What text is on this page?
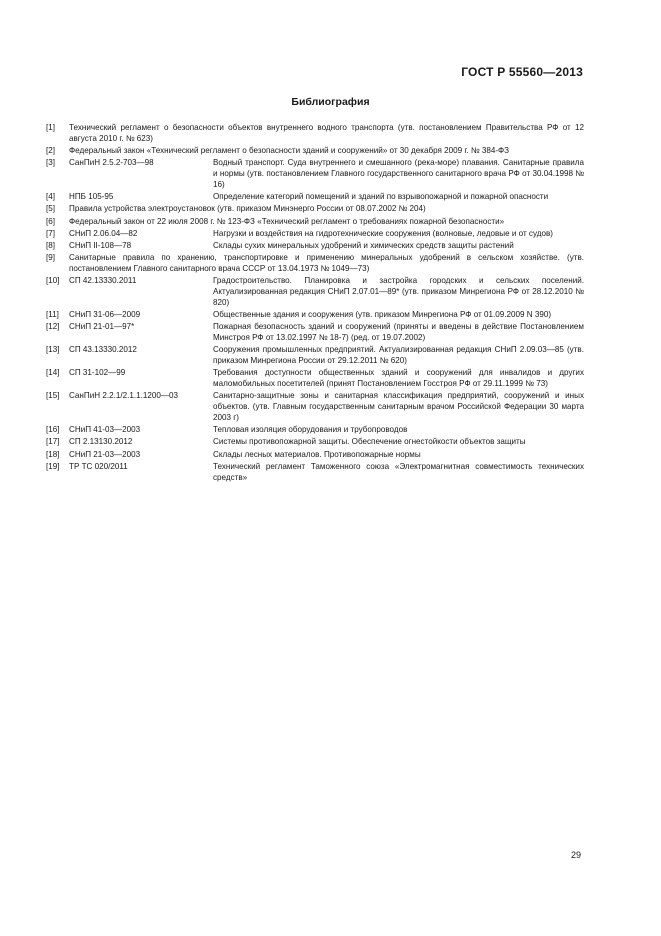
ГОСТ Р 55560—2013
Библиография
[1]	Технический регламент о безопасности объектов внутреннего водного транспорта (утв. постановлением Правительства РФ от 12 августа 2010 г. № 623)
[2]	Федеральный закон «Технический регламент о безопасности зданий и сооружений» от 30 декабря 2009 г. № 384-ФЗ
[3]	СанПиН 2.5.2-703—98	Водный транспорт. Суда внутреннего и смешанного (река-море) плавания. Санитарные правила и нормы (утв. постановлением Главного государственного санитарного врача РФ от 30.04.1998 № 16)
[4]	НПБ 105-95	Определение категорий помещений и зданий по взрывопожарной и пожарной опасности
[5]	Правила устройства электроустановок (утв. приказом Минэнерго России от 08.07.2002 № 204)
[6]	Федеральный закон от 22 июля 2008 г. № 123-ФЗ «Технический регламент о требованиях пожарной безопасности»
[7]	СНиП 2.06.04—82	Нагрузки и воздействия на гидротехнические сооружения (волновые, ледовые и от судов)
[8]	СНиП II-108—78	Склады сухих минеральных удобрений и химических средств защиты растений
[9]	Санитарные правила по хранению, транспортировке и применению минеральных удобрений в сельском хозяйстве. (утв. постановлением Главного санитарного врача СССР от 13.04.1973 № 1049—73)
[10]	СП 42.13330.2011	Градостроительство. Планировка и застройка городских и сельских поселений. Актуализированная редакция СНиП 2.07.01—89* (утв. приказом Минрегиона РФ от 28.12.2010 № 820)
[11]	СНиП 31-06—2009	Общественные здания и сооружения (утв. приказом Минрегиона РФ от 01.09.2009 N 390)
[12]	СНиП 21-01—97*	Пожарная безопасность зданий и сооружений (приняты и введены в действие Постановлением Минстроя РФ от 13.02.1997 № 18-7) (ред. от 19.07.2002)
[13]	СП 43.13330.2012	Сооружения промышленных предприятий. Актуализированная редакция СНиП 2.09.03—85 (утв. приказом Минрегиона России от 29.12.2011 № 620)
[14]	СП 31-102—99	Требования доступности общественных зданий и сооружений для инвалидов и других маломобильных посетителей (принят Постановлением Госстроя РФ от 29.11.1999 № 73)
[15]	СанПиН 2.2.1/2.1.1.1200—03	Санитарно-защитные зоны и санитарная классификация предприятий, сооружений и иных объектов. (утв. Главным государственным санитарным врачом Российской Федерации 30 марта 2003 г)
[16]	СНиП 41-03—2003	Тепловая изоляция оборудования и трубопроводов
[17]	СП 2.13130.2012	Системы противопожарной защиты. Обеспечение огнестойкости объектов защиты
[18]	СНиП 21-03—2003	Склады лесных материалов. Противопожарные нормы
[19]	ТР ТС 020/2011	Технический регламент Таможенного союза «Электромагнитная совместимость технических средств»
29
